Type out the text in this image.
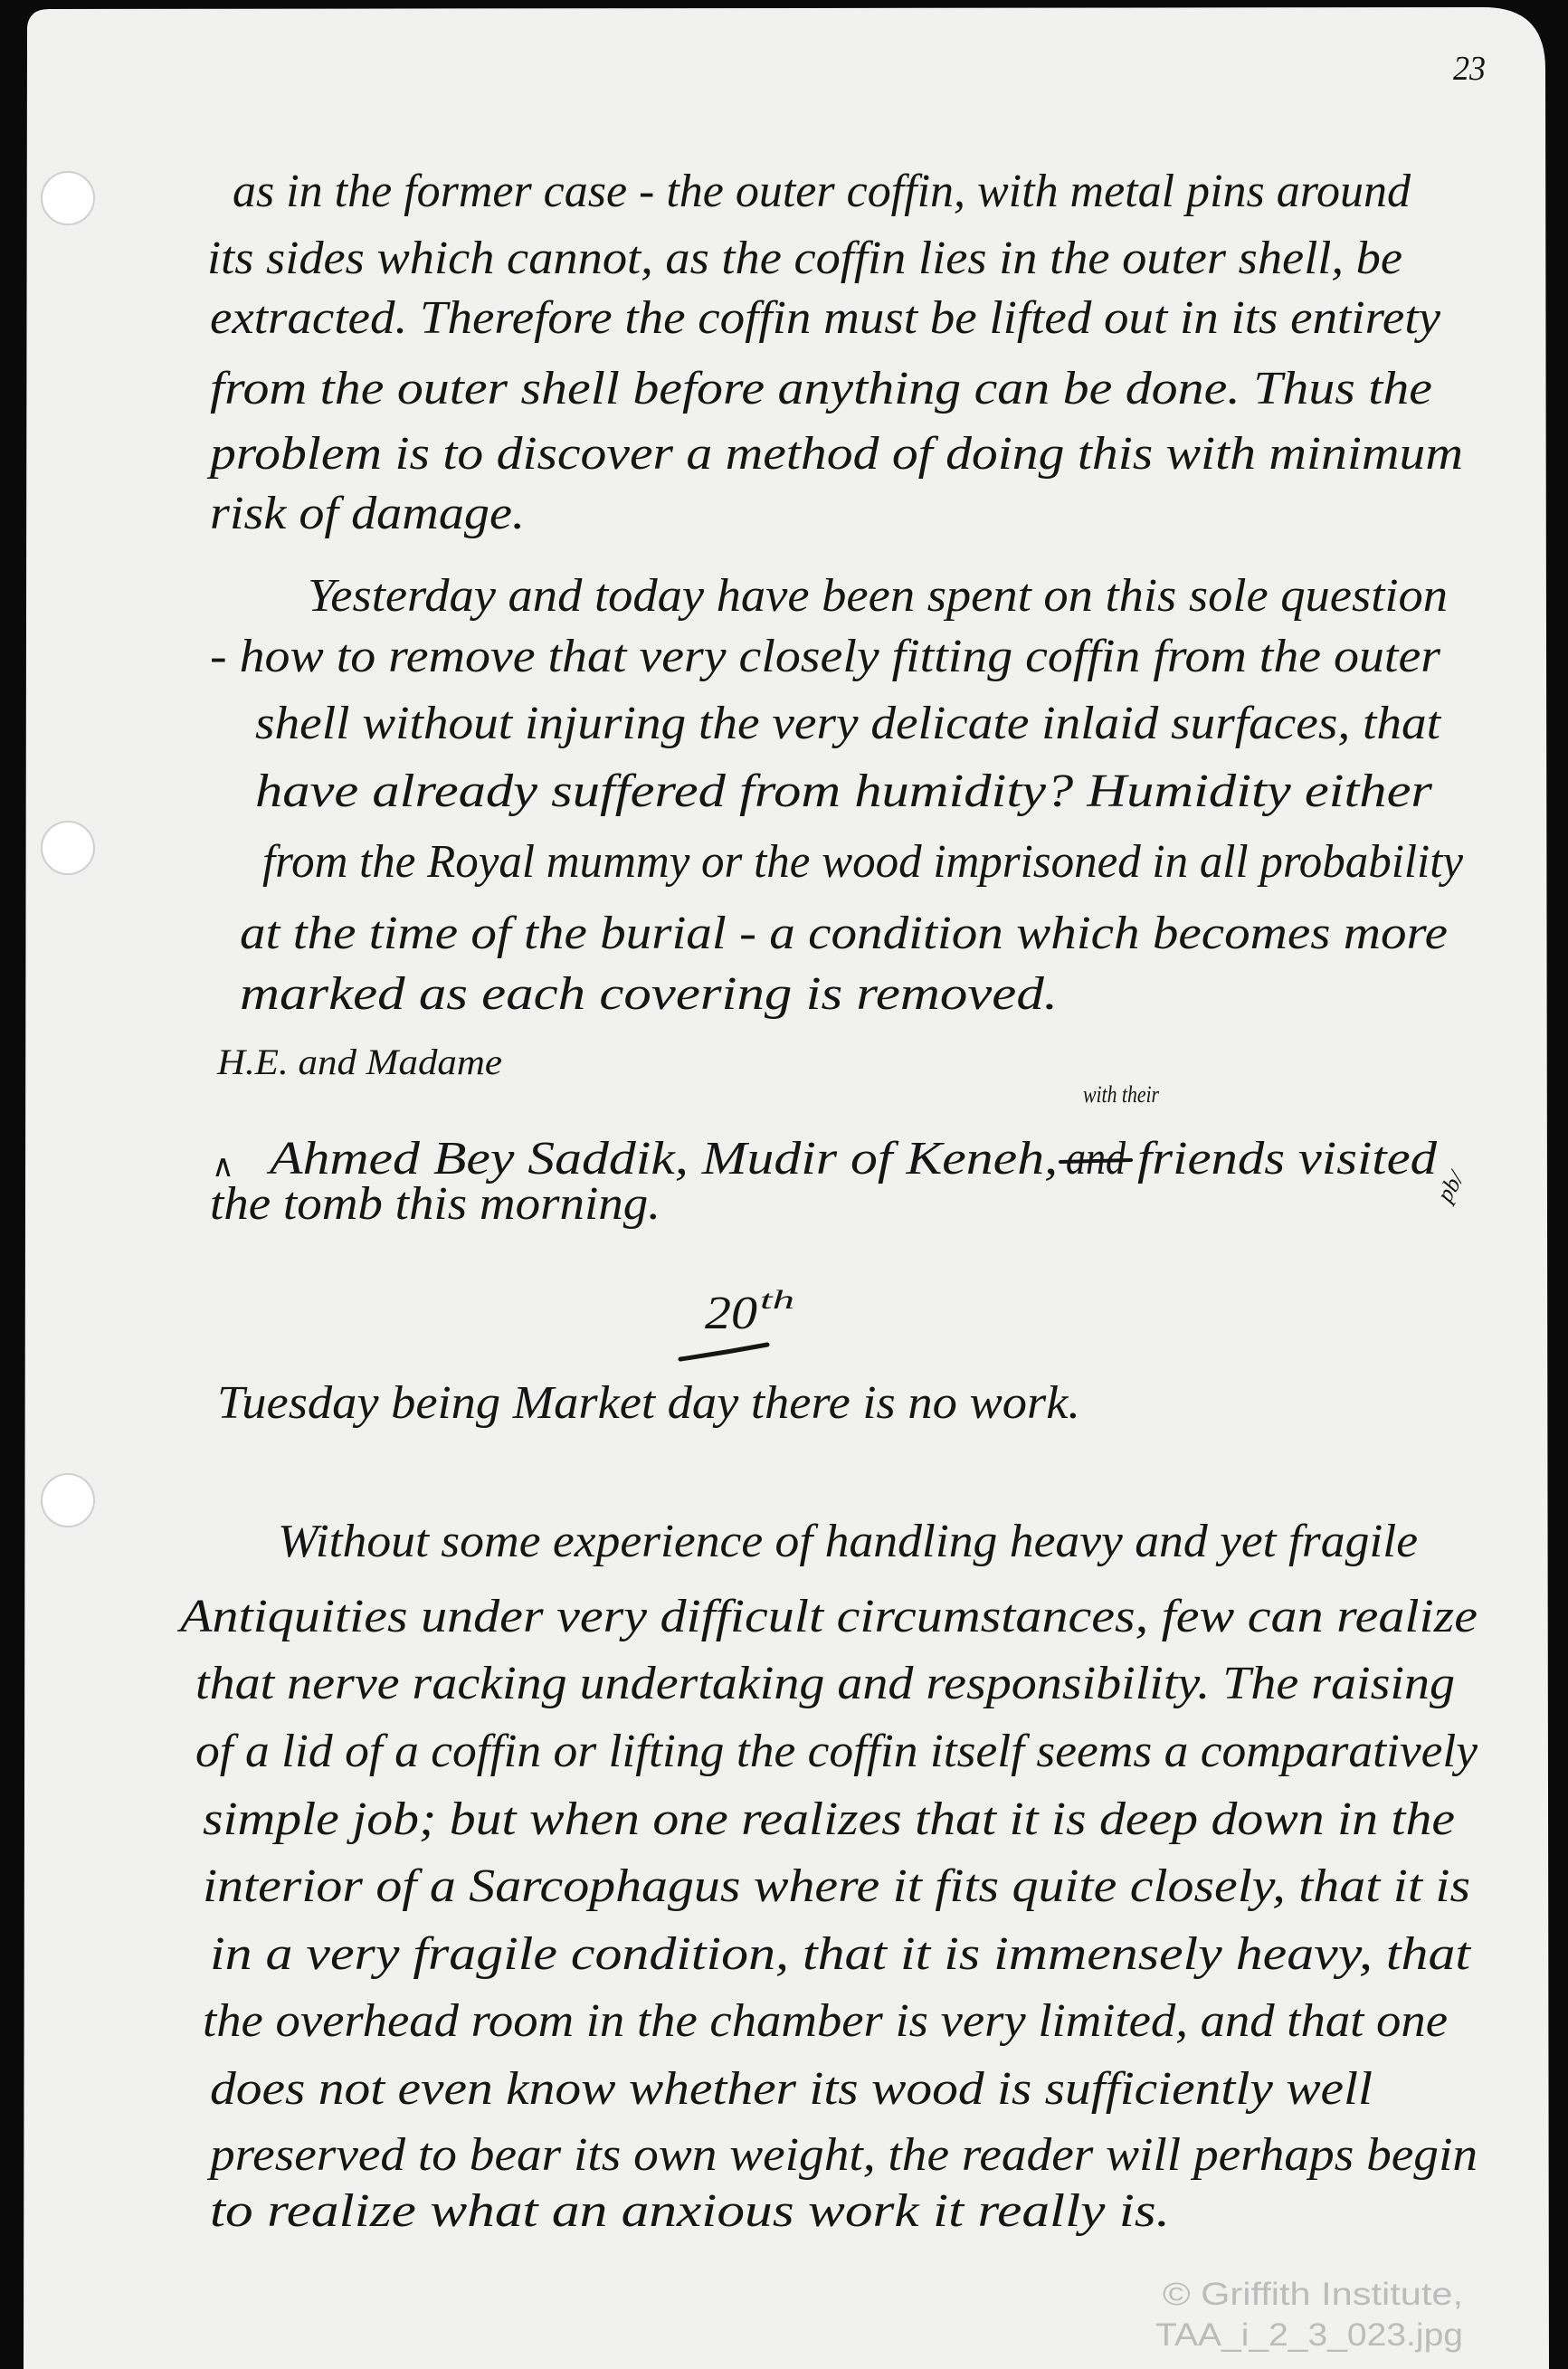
23
as in the former case - the outer coffin, with metal pins around
its sides which cannot, as the coffin lies in the outer shell, be
extracted. Therefore the coffin must be lifted out in its entirety
from the outer shell before anything can be done. Thus the
problem is to discover a method of doing this with minimum
risk of damage.
Yesterday and today have been spent on this sole question
- how to remove that very closely fitting coffin from the outer
shell without injuring the very delicate inlaid surfaces, that
have already suffered from humidity? Humidity either
from the Royal mummy or the wood imprisoned in all probability
at the time of the burial - a condition which becomes more
marked as each covering is removed.
H.E. and Madame
with their
∧ Ahmed Bey Saddik, Mudir of Keneh, and friends visited
pb/
the tomb this morning.
20 th
Tuesday being Market day there is no work.
Without some experience of handling heavy and yet fragile
Antiquities under very difficult circumstances, few can realize
that nerve racking undertaking and responsibility. The raising
of a lid of a coffin or lifting the coffin itself seems a comparatively
simple job; but when one realizes that it is deep down in the
interior of a Sarcophagus where it fits quite closely, that it is
in a very fragile condition, that it is immensely heavy, that
the overhead room in the chamber is very limited, and that one
does not even know whether its wood is sufficiently well
preserved to bear its own weight, the reader will perhaps begin
to realize what an anxious work it really is.
© Griffith Institute,
TAA_i_2_3_023.jpg
